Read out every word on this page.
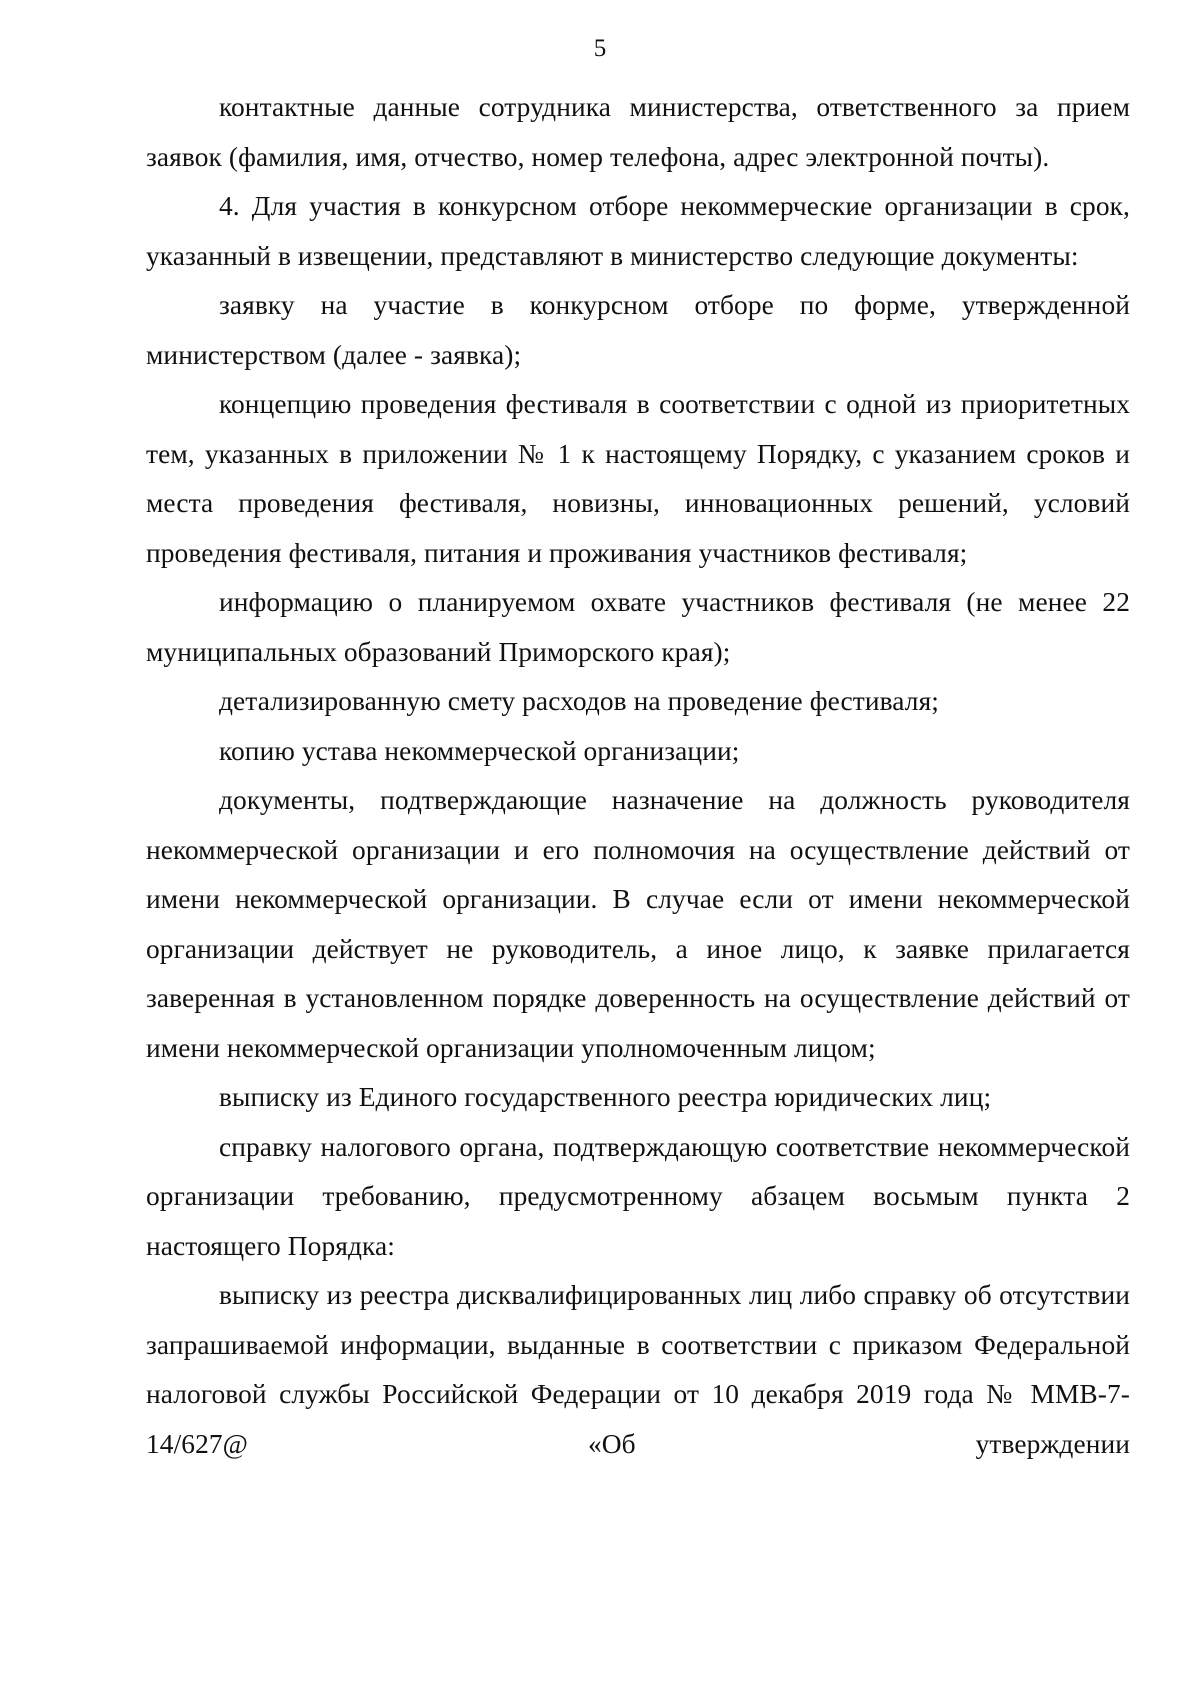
5

контактные данные сотрудника министерства, ответственного за прием заявок (фамилия, имя, отчество, номер телефона, адрес электронной почты).

4. Для участия в конкурсном отборе некоммерческие организации в срок, указанный в извещении, представляют в министерство следующие документы:

заявку на участие в конкурсном отборе по форме, утвержденной министерством (далее - заявка);

концепцию проведения фестиваля в соответствии с одной из приоритетных тем, указанных в приложении № 1 к настоящему Порядку, с указанием сроков и места проведения фестиваля, новизны, инновационных решений, условий проведения фестиваля, питания и проживания участников фестиваля;

информацию о планируемом охвате участников фестиваля (не менее 22 муниципальных образований Приморского края);

детализированную смету расходов на проведение фестиваля;

копию устава некоммерческой организации;

документы, подтверждающие назначение на должность руководителя некоммерческой организации и его полномочия на осуществление действий от имени некоммерческой организации. В случае если от имени некоммерческой организации действует не руководитель, а иное лицо, к заявке прилагается заверенная в установленном порядке доверенность на осуществление действий от имени некоммерческой организации уполномоченным лицом;

выписку из Единого государственного реестра юридических лиц;

справку налогового органа, подтверждающую соответствие некоммерческой организации требованию, предусмотренному абзацем восьмым пункта 2 настоящего Порядка:

выписку из реестра дисквалифицированных лиц либо справку об отсутствии запрашиваемой информации, выданные в соответствии с приказом Федеральной налоговой службы Российской Федерации от 10 декабря 2019 года № ММВ-7-14/627@ «Об утверждении
